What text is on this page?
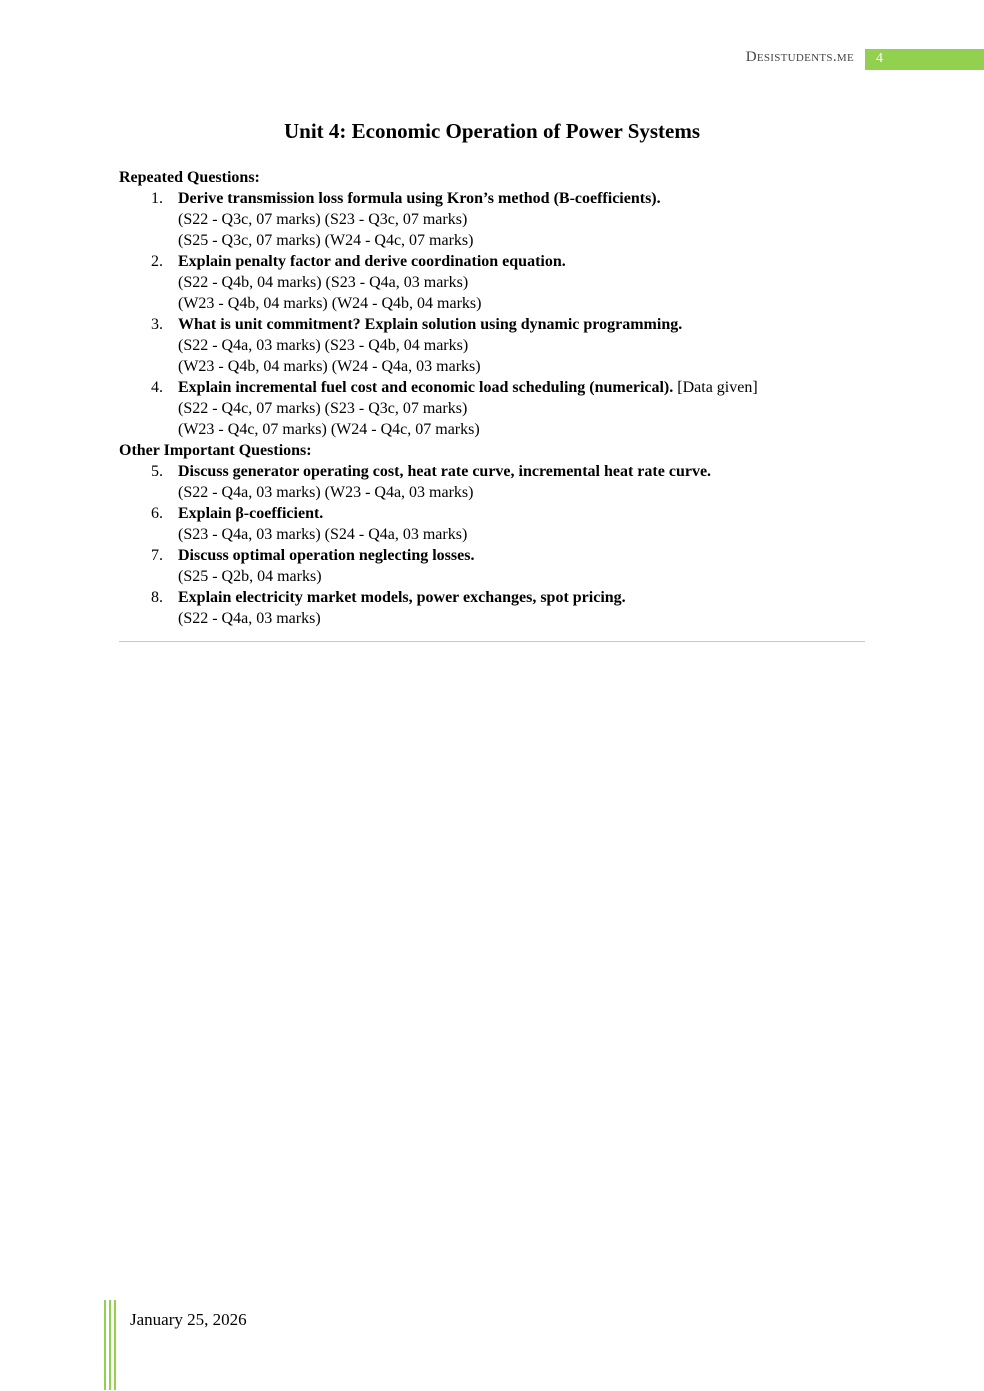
Desistudents.me 4
Unit 4: Economic Operation of Power Systems
Repeated Questions:
1. Derive transmission loss formula using Kron’s method (B-coefficients).
(S22 - Q3c, 07 marks) (S23 - Q3c, 07 marks)
(S25 - Q3c, 07 marks) (W24 - Q4c, 07 marks)
2. Explain penalty factor and derive coordination equation.
(S22 - Q4b, 04 marks) (S23 - Q4a, 03 marks)
(W23 - Q4b, 04 marks) (W24 - Q4b, 04 marks)
3. What is unit commitment? Explain solution using dynamic programming.
(S22 - Q4a, 03 marks) (S23 - Q4b, 04 marks)
(W23 - Q4b, 04 marks) (W24 - Q4a, 03 marks)
4. Explain incremental fuel cost and economic load scheduling (numerical). [Data given]
(S22 - Q4c, 07 marks) (S23 - Q3c, 07 marks)
(W23 - Q4c, 07 marks) (W24 - Q4c, 07 marks)
Other Important Questions:
5. Discuss generator operating cost, heat rate curve, incremental heat rate curve.
(S22 - Q4a, 03 marks) (W23 - Q4a, 03 marks)
6. Explain β-coefficient.
(S23 - Q4a, 03 marks) (S24 - Q4a, 03 marks)
7. Discuss optimal operation neglecting losses.
(S25 - Q2b, 04 marks)
8. Explain electricity market models, power exchanges, spot pricing.
(S22 - Q4a, 03 marks)
January 25, 2026
